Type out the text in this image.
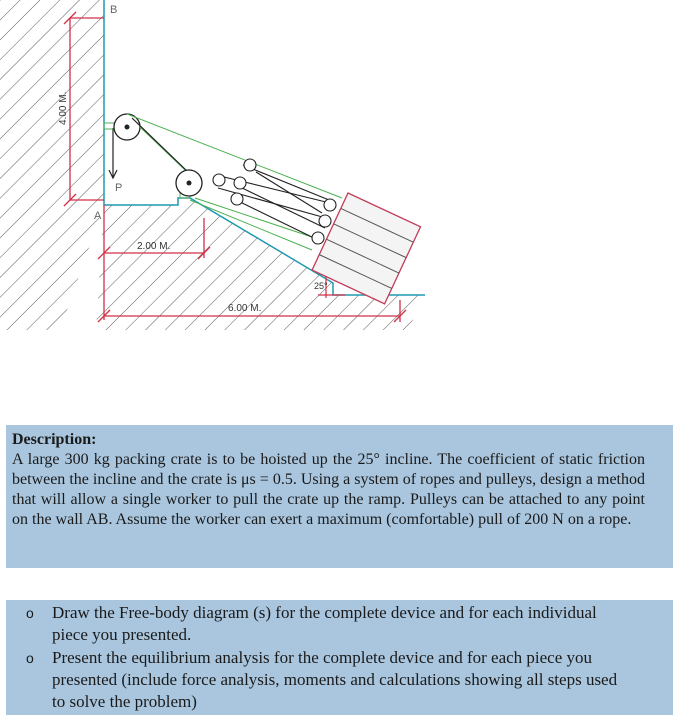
4.00 M.
2.00 M.
6.00 M.
25°
B
A
P
Description:
A large 300 kg packing crate is to be hoisted up the 25° incline. The coefficient of static friction between the incline and the crate is μs = 0.5. Using a system of ropes and pulleys, design a method that will allow a single worker to pull the crate up the ramp. Pulleys can be attached to any point on the wall AB. Assume the worker can exert a maximum (comfortable) pull of 200 N on a rope.
o Draw the Free-body diagram (s) for the complete device and for each individual piece you presented.
o Present the equilibrium analysis for the complete device and for each piece you presented (include force analysis, moments and calculations showing all steps used to solve the problem)
